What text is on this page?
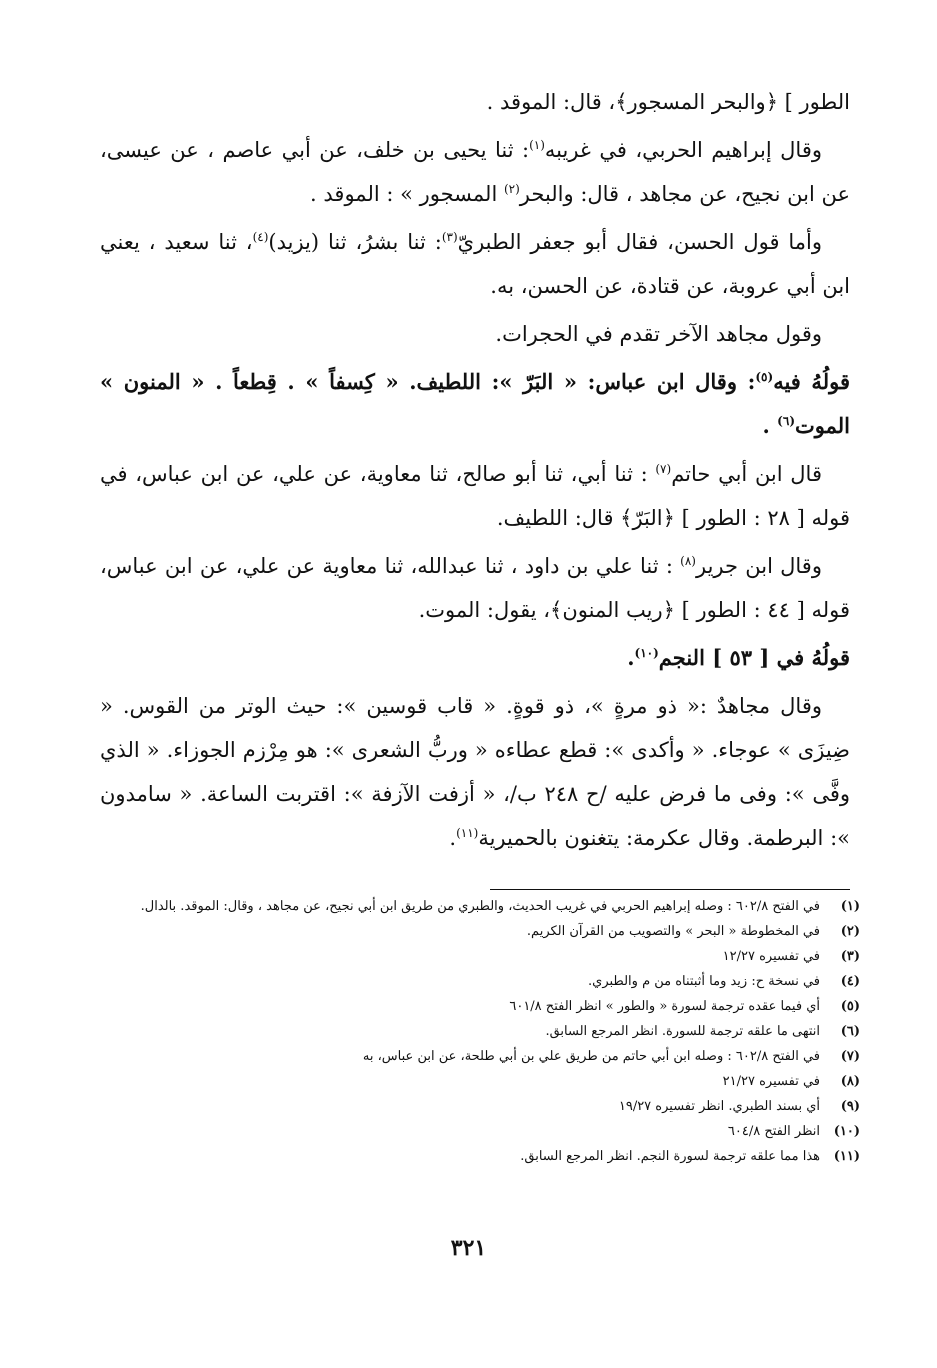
الطور ] ﴿والبحر المسجور﴾، قال: الموقد .

وقال إبراهيم الحربي، في غريبه$^{(١)}$: ثنا يحيى بن خلف، عن أبي عاصم ، عن عيسى، عن ابن نجيح، عن مجاهد ، قال: والبحر$^{(٢)}$ المسجور » : الموقد .

وأما قول الحسن، فقال أبو جعفر الطبريّ$^{(٣)}$: ثنا بشرُ، ثنا (يزيد)$^{(٤)}$، ثنا سعيد ، يعني ابن أبي عروبة، عن قتادة، عن الحسن، به.

وقول مجاهد الآخر تقدم في الحجرات.

قولُهُ فيه$^{(٥)}$: وقال ابن عباس: « البَرّ »: اللطيف. « كِسفاً » . قِطعاً . « المنون » الموت$^{(٦)}$ .

قال ابن أبي حاتم$^{(٧)}$ : ثنا أبي، ثنا أبو صالح، ثنا معاوية، عن علي، عن ابن عباس، في قوله [ ٢٨ : الطور ] ﴿البَرّ﴾ قال: اللطيف.

وقال ابن جرير$^{(٨)}$ : ثنا علي بن داود ، ثنا عبدالله، ثنا معاوية عن علي، عن ابن عباس، قوله [ ٤٤ : الطور ] ﴿ريب المنون﴾، يقول: الموت.

قولُهُ في [ ٥٣ ] النجم$^{(١٠)}$.

وقال مجاهدٌ :« ذو مرةٍ »، ذو قوةٍ. « قاب قوسين »: حيث الوتر من القوس. « ضِيزَى » عوجاء. « وأكدى »: قطع عطاءه « وربُّ الشعرى »: هو مِرْزم الجوزاء. « الذي وفَّى »: وفى ما فرض عليه /ح ٢٤٨ ب/، « أزفت الآزفة »: اقتربت الساعة. « سامدون »: البرطمة. وقال عكرمة: يتغنون بالحميرية$^{(١١)}$.

(١)
في الفتح ٦٠٢/٨ : وصله إبراهيم الحربي في غريب الحديث، والطبري من طريق ابن أبي نجيح، عن مجاهد ، وقال: الموقد. بالدال.
(٢)
في المخطوطة « البحر » والتصويب من القرآن الكريم.
(٣)
في تفسيره ١٢/٢٧
(٤)
في نسخة ح: زيد وما أثبتناه من م والطبري.
(٥)
أي فيما عقده ترجمة لسورة « والطور » انظر الفتح ٦٠١/٨
(٦)
انتهى ما علقه ترجمة للسورة. انظر المرجع السابق.
(٧)
في الفتح ٦٠٢/٨ : وصله ابن أبي حاتم من طريق علي بن أبي طلحة، عن ابن عباس، به
(٨)
في تفسيره ٢١/٢٧
(٩)
أي بسند الطبري. انظر تفسيره ١٩/٢٧
(١٠)
انظر الفتح ٦٠٤/٨
(١١)
هذا مما علقه ترجمة لسورة النجم. انظر المرجع السابق.
٣٢١
